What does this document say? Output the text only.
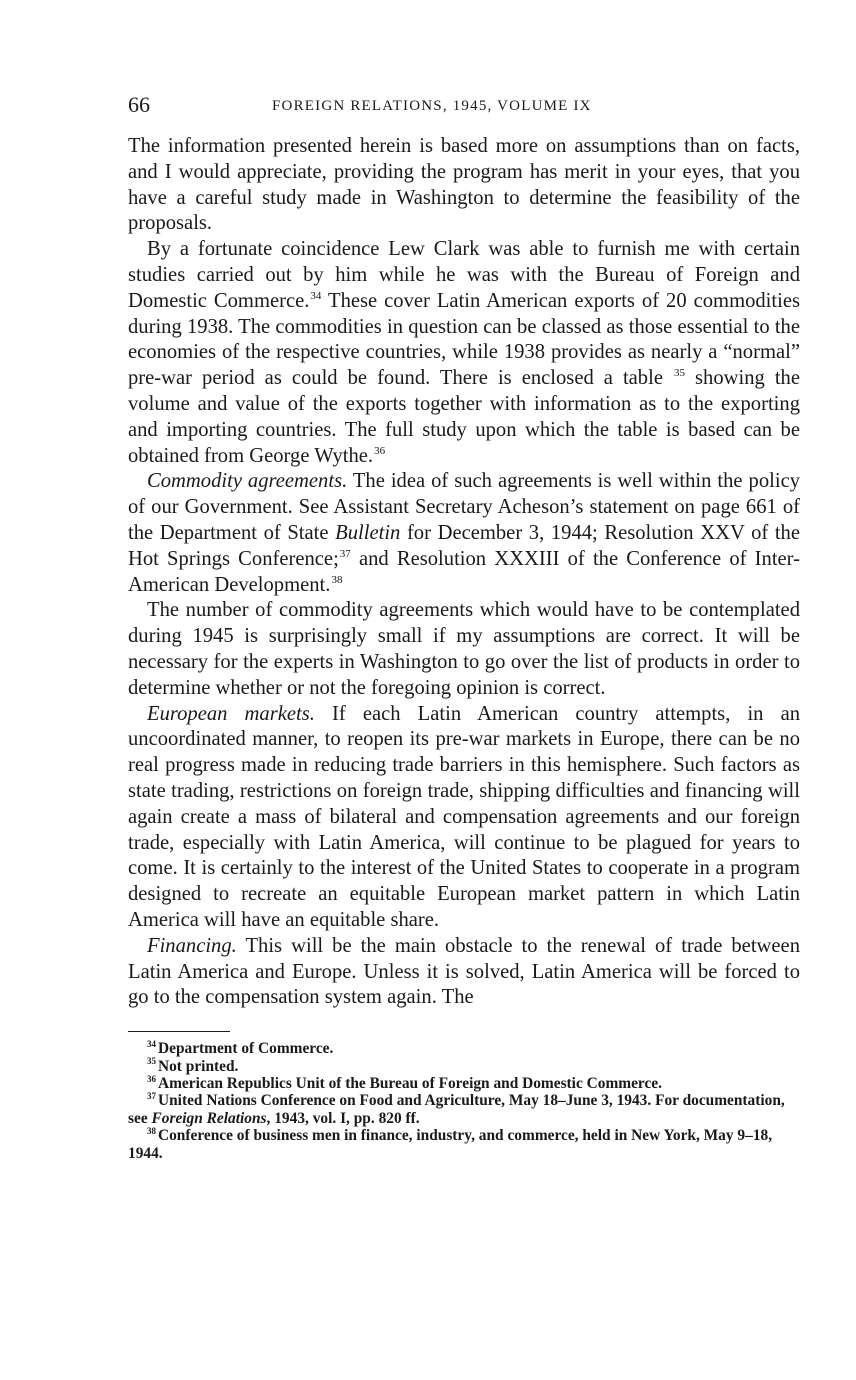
66	FOREIGN RELATIONS, 1945, VOLUME IX

The information presented herein is based more on assumptions than on facts, and I would appreciate, providing the program has merit in your eyes, that you have a careful study made in Washington to determine the feasibility of the proposals.

By a fortunate coincidence Lew Clark was able to furnish me with certain studies carried out by him while he was with the Bureau of Foreign and Domestic Commerce.$^{34}$ These cover Latin American exports of 20 commodities during 1938. The commodities in question can be classed as those essential to the economies of the respective countries, while 1938 provides as nearly a “normal” pre-war period as could be found. There is enclosed a table $^{35}$ showing the volume and value of the exports together with information as to the exporting and importing countries. The full study upon which the table is based can be obtained from George Wythe.$^{36}$

Commodity agreements. The idea of such agreements is well within the policy of our Government. See Assistant Secretary Acheson’s statement on page 661 of the Department of State Bulletin for December 3, 1944; Resolution XXV of the Hot Springs Conference;$^{37}$ and Resolution XXXIII of the Conference of Inter-American Development.$^{38}$

The number of commodity agreements which would have to be contemplated during 1945 is surprisingly small if my assumptions are correct. It will be necessary for the experts in Washington to go over the list of products in order to determine whether or not the foregoing opinion is correct.

European markets. If each Latin American country attempts, in an uncoordinated manner, to reopen its pre-war markets in Europe, there can be no real progress made in reducing trade barriers in this hemisphere. Such factors as state trading, restrictions on foreign trade, shipping difficulties and financing will again create a mass of bilateral and compensation agreements and our foreign trade, especially with Latin America, will continue to be plagued for years to come. It is certainly to the interest of the United States to cooperate in a program designed to recreate an equitable European market pattern in which Latin America will have an equitable share.

Financing. This will be the main obstacle to the renewal of trade between Latin America and Europe. Unless it is solved, Latin America will be forced to go to the compensation system again. The

$^{34}$ Department of Commerce.

$^{35}$ Not printed.

$^{36}$ American Republics Unit of the Bureau of Foreign and Domestic Commerce.

$^{37}$ United Nations Conference on Food and Agriculture, May 18–June 3, 1943. For documentation, see Foreign Relations, 1943, vol. I, pp. 820 ff.

$^{38}$ Conference of business men in finance, industry, and commerce, held in New York, May 9–18, 1944.
